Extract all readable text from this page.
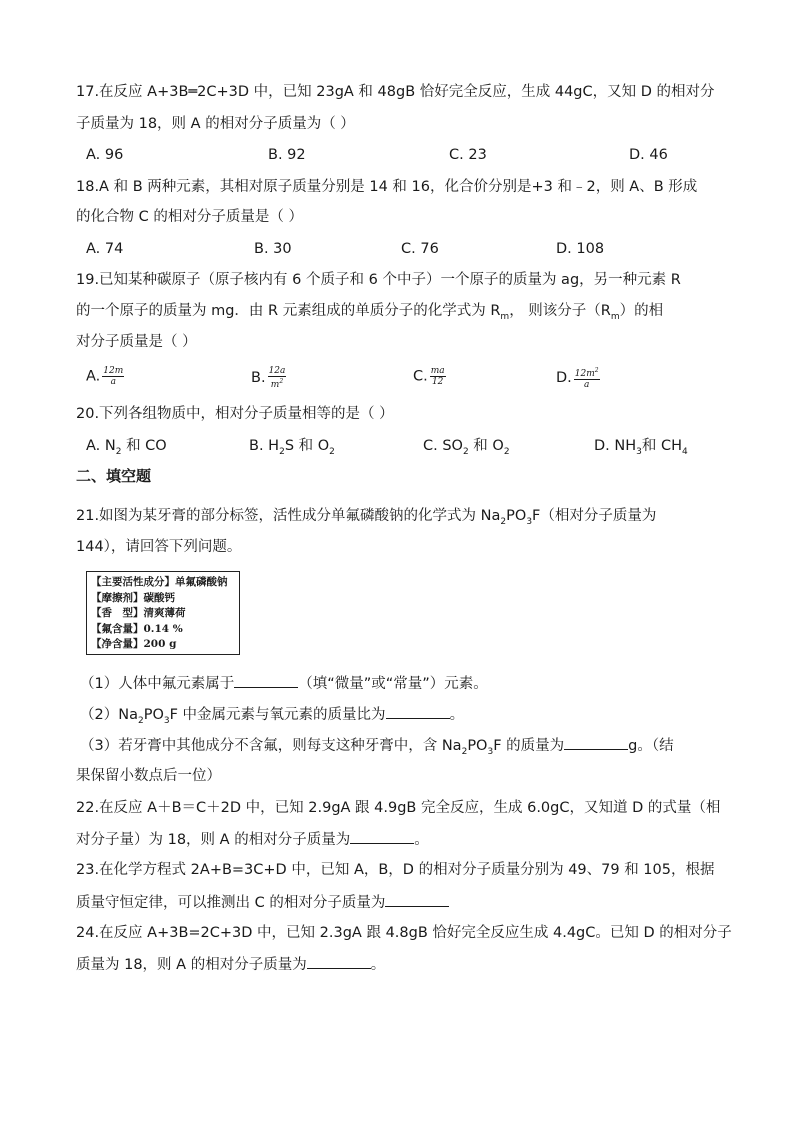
17.在反应 A+3B═2C+3D 中，已知 23gA 和 48gB 恰好完全反应，生成 44gC，又知 D 的相对分
子质量为 18，则 A 的相对分子质量为（ ）
A. 96	B. 92	C. 23	D. 46
18.A 和 B 两种元素，其相对原子质量分别是 14 和 16，化合价分别是+3 和﹣2，则 A、B 形成
的化合物 C 的相对分子质量是（ ）
A. 74	B. 30	C. 76	D. 108
19.已知某种碳原子（原子核内有 6 个质子和 6 个中子）一个原子的质量为 ag，另一种元素 R
的一个原子的质量为 mg．由 R 元素组成的单质分子的化学式为 $R_m$， 则该分子$(R_m)$的相
对分子质量是（ ）
A. $\frac{12m}{a}$	B. $\frac{12a}{m^2}$	C. $\frac{ma}{12}$	D. $\frac{12m^2}{a}$
20.下列各组物质中，相对分子质量相等的是（ ）
A. $N_2$ 和 CO	B. $H_2S$ 和 $O_2$	C. $SO_2$ 和 $O_2$	D. $NH_3$和 $CH_4$
二、填空题
21.如图为某牙膏的部分标签，活性成分单氟磷酸钠的化学式为 $Na_2PO_3F$（相对分子质量为
144），请回答下列问题。
【主要活性成分】单氟磷酸钠
【摩擦剂】碳酸钙
【香　型】清爽薄荷
【氟含量】0.14 %
【净含量】200 g
（1）人体中氟元素属于	（填“微量”或“常量”）元素。
$(2)Na_2PO_3F$ 中金属元素与氧元素的质量比为	。
（3）若牙膏中其他成分不含氟，则每支这种牙膏中，含 $Na_2PO_3F$ 的质量为	g。（结
果保留小数点后一位）
22.在反应 A＋B＝C＋2D 中，已知 2.9gA 跟 4.9gB 完全反应，生成 6.0gC，又知道 D 的式量（相
对分子量）为 18，则 A 的相对分子质量为	。
23.在化学方程式 2A+B=3C+D 中，已知 A，B，D 的相对分子质量分别为 49、79 和 105，根据
质量守恒定律，可以推测出 C 的相对分子质量为
24.在反应 A+3B=2C+3D 中，已知 2.3gA 跟 4.8gB 恰好完全反应生成 4.4gC。已知 D 的相对分子
质量为 18，则 A 的相对分子质量为	。
